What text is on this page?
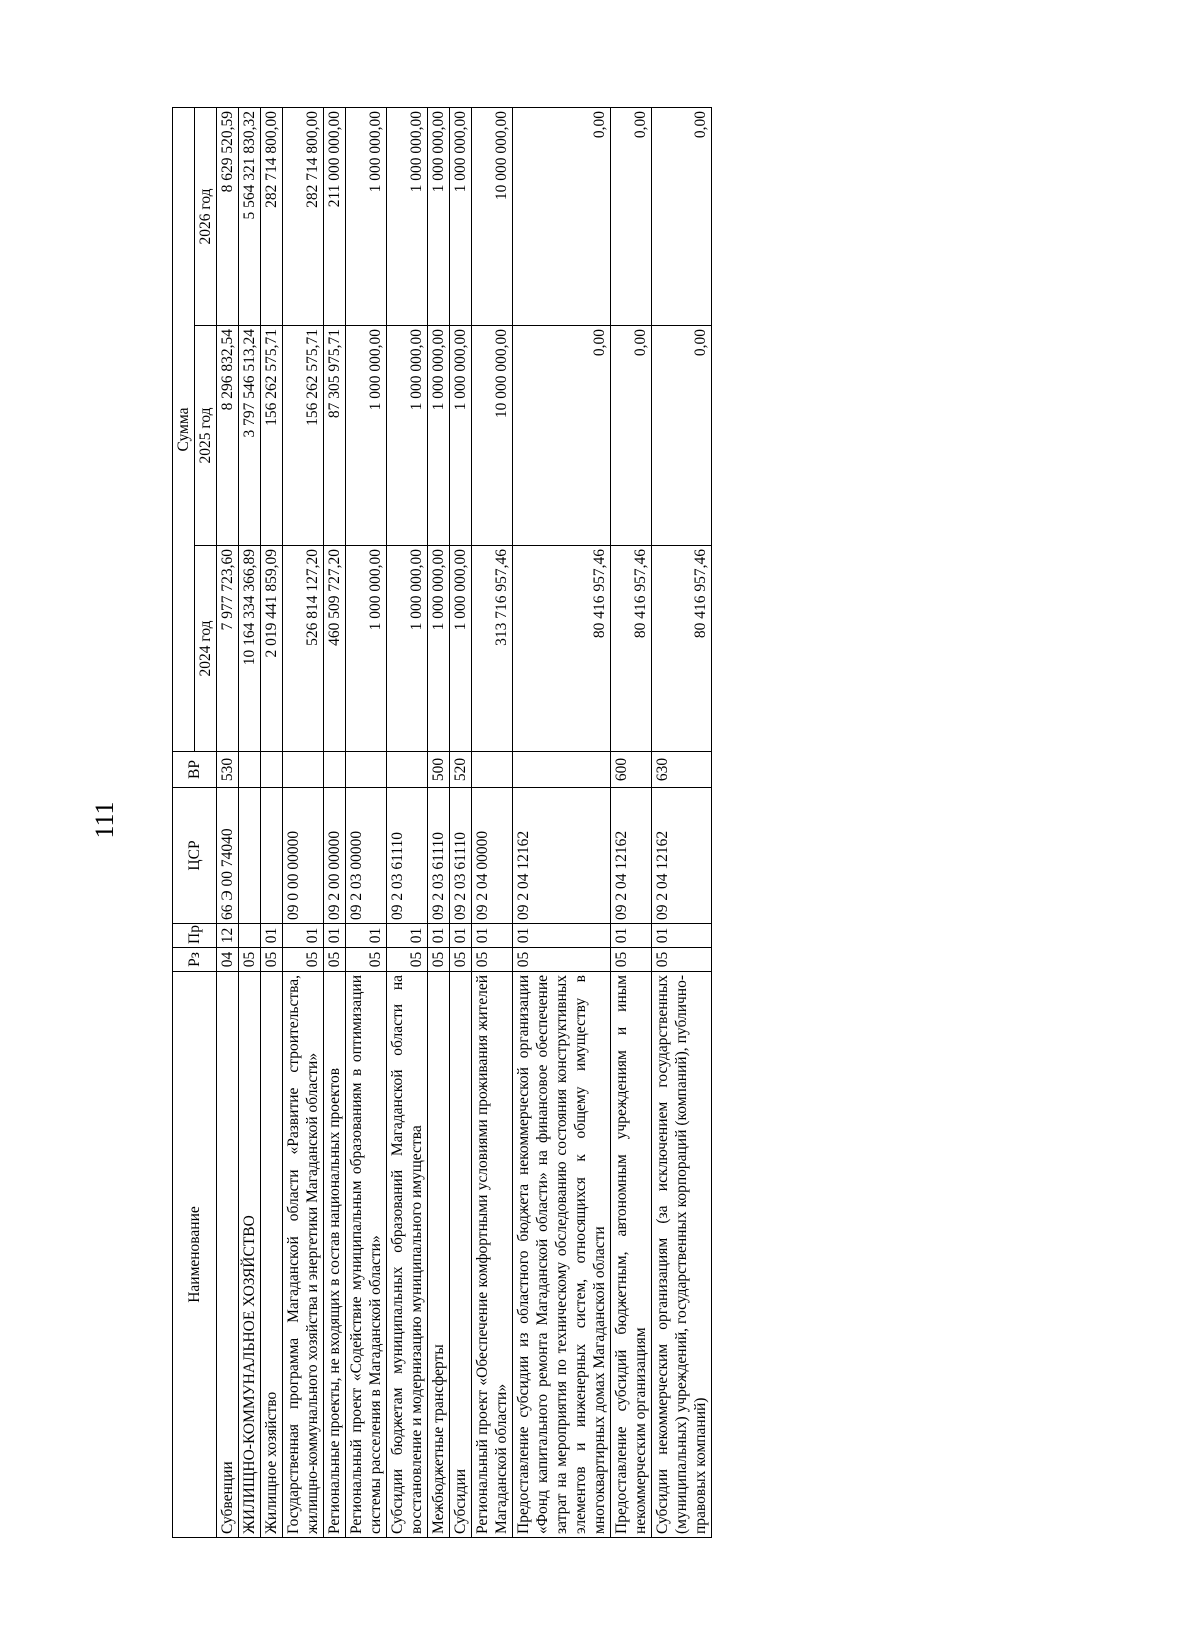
111
Наименование	Рз	Пр	ЦСР	ВР	Сумма		
					2024 год	2025 год	2026 год
Субвенции	04	12	66 Э 00 74040	530	7 977 723,60	8 296 832,54	8 629 520,59
ЖИЛИЩНО-КОММУНАЛЬНОЕ ХОЗЯЙСТВО	05				10 164 334 366,89	3 797 546 513,24	5 564 321 830,32
Жилищное хозяйство	05	01			2 019 441 859,09	156 262 575,71	282 714 800,00
Государственная программа Магаданской области «Развитие строительства, жилищно-коммунального хозяйства и энергетики Магаданской области»	05	01	09 0 00 00000		526 814 127,20	156 262 575,71	282 714 800,00
Региональные проекты, не входящих в состав национальных проектов	05	01	09 2 00 00000		460 509 727,20	87 305 975,71	211 000 000,00
Региональный проект «Содействие муниципальным образованиям в оптимизации системы расселения в Магаданской области»	05	01	09 2 03 00000		1 000 000,00	1 000 000,00	1 000 000,00
Субсидии бюджетам муниципальных образований Магаданской области на восстановление и модернизацию муниципального имущества	05	01	09 2 03 61110		1 000 000,00	1 000 000,00	1 000 000,00
Межбюджетные трансферты	05	01	09 2 03 61110	500	1 000 000,00	1 000 000,00	1 000 000,00
Субсидии	05	01	09 2 03 61110	520	1 000 000,00	1 000 000,00	1 000 000,00
Региональный проект «Обеспечение комфортными условиями проживания жителей Магаданской области»	05	01	09 2 04 00000		313 716 957,46	10 000 000,00	10 000 000,00
Предоставление субсидии из областного бюджета некоммерческой организации «Фонд капитального ремонта Магаданской области» на финансовое обеспечение затрат на мероприятия по техническому обследованию состояния конструктивных элементов и инженерных систем, относящихся к общему имуществу в многоквартирных домах Магаданской области	05	01	09 2 04 12162		80 416 957,46	0,00	0,00
Предоставление субсидий бюджетным, автономным учреждениям и иным некоммерческим организациям	05	01	09 2 04 12162	600	80 416 957,46	0,00	0,00
Субсидии некоммерческим организациям (за исключением государственных (муниципальных) учреждений, государственных корпораций (компаний), публично-правовых компаний)	05	01	09 2 04 12162	630	80 416 957,46	0,00	0,00
